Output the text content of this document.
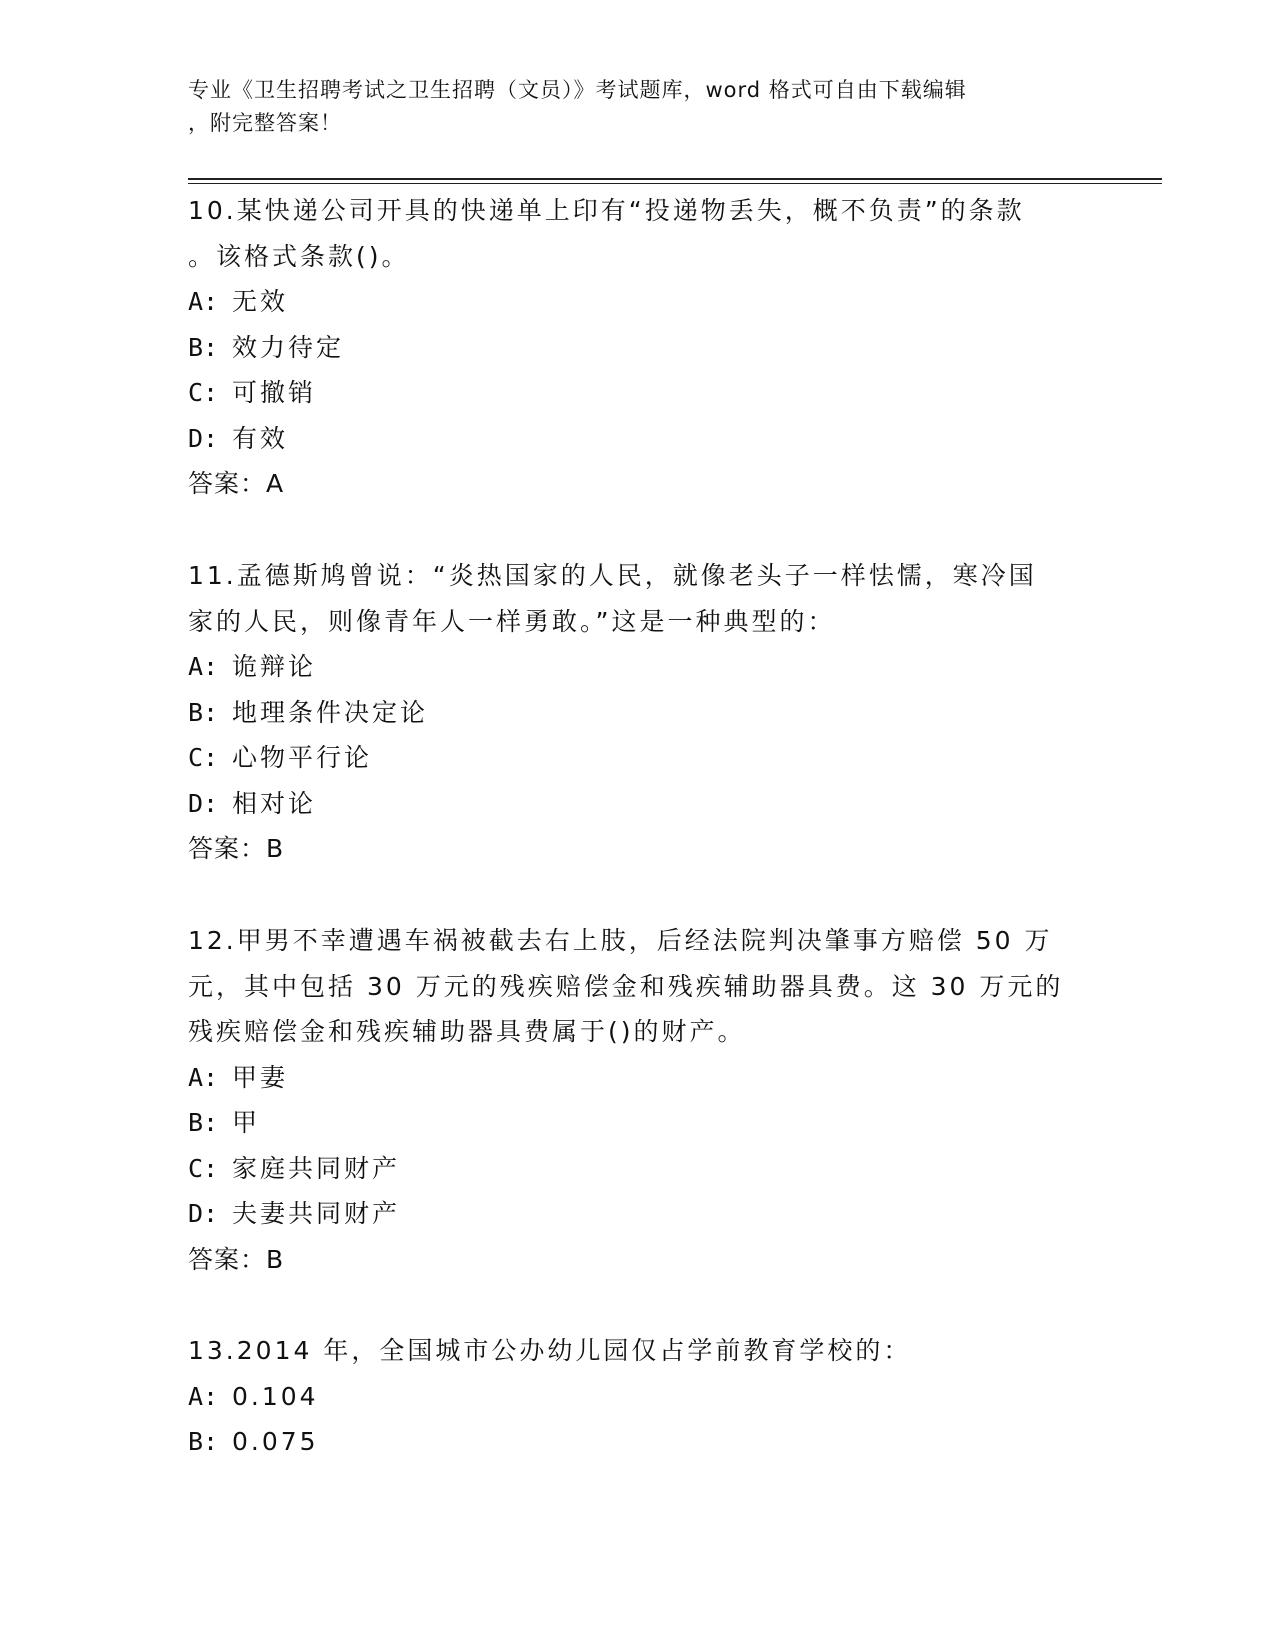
专业《卫生招聘考试之卫生招聘（文员）》考试题库，word 格式可自由下载编辑
，附完整答案！
10.某快递公司开具的快递单上印有“投递物丢失，概不负责”的条款
。该格式条款()。
A: 无效
B: 效力待定
C: 可撤销
D: 有效
答案：A
11.孟德斯鸠曾说：“炎热国家的人民，就像老头子一样怯懦，寒冷国
家的人民，则像青年人一样勇敢。”这是一种典型的：
A: 诡辩论
B: 地理条件决定论
C: 心物平行论
D: 相对论
答案：B
12.甲男不幸遭遇车祸被截去右上肢，后经法院判决肇事方赔偿 50 万
元，其中包括 30 万元的残疾赔偿金和残疾辅助器具费。这 30 万元的
残疾赔偿金和残疾辅助器具费属于()的财产。
A: 甲妻
B: 甲
C: 家庭共同财产
D: 夫妻共同财产
答案：B
13.2014 年，全国城市公办幼儿园仅占学前教育学校的：
A: 0.104
B: 0.075
